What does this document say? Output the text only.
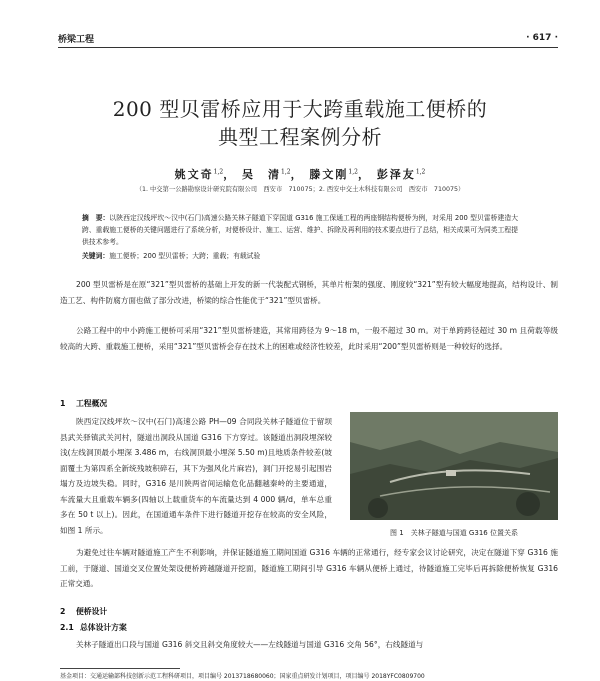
桥梁工程	· 617 ·
200 型贝雷桥应用于大跨重载施工便桥的
典型工程案例分析
姚文奇$^{1,2}$， 吴　清$^{1,2}$， 滕文刚$^{1,2}$， 彭泽友$^{1,2}$
（1. 中交第一公路勘察设计研究院有限公司　西安市　710075；2. 西安中交土木科技有限公司　西安市　710075）
摘　要：以陕西定汉线坪坎～汉中(石门)高速公路关林子隧道下穿国道 G316 施工保通工程的两座钢结构便桥为例，对采用 200 型贝雷桥建造大跨、重载施工便桥的关键问题进行了系统分析，对便桥设计、施工、运营、维护、拆除及再利用的技术要点进行了总结，相关成果可为同类工程提供技术参考。
关键词：施工便桥；200 型贝雷桥；大跨；重载；有载试验
200 型贝雷桥是在原“321”型贝雷桥的基础上开发的新一代装配式钢桥，其单片桁架的强度、刚度较“321”型有较大幅度地提高，结构设计、制造工艺、构件防腐方面也做了部分改进，桥梁的综合性能优于“321”型贝雷桥。
公路工程中的中小跨施工便桥可采用“321”型贝雷桥建造，其常用跨径为 9～18 m，一般不超过 30 m。对于单跨跨径超过 30 m 且荷载等级较高的大跨、重载施工便桥，采用“321”型贝雷桥会存在技术上的困难或经济性较差，此时采用“200”型贝雷桥则是一种较好的选择。
1 工程概况
陕西定汉线坪坎～汉中(石门)高速公路 PH—09 合同段关林子隧道位于留坝县武关驿镇武关河村，隧道出洞段从国道 G316 下方穿过。该隧道出洞段埋深较浅(左线洞顶最小埋深 3.486 m，右线洞顶最小埋深 5.50 m)且地质条件较差(坡面覆土为第四系全新统残坡积碎石，其下为强风化片麻岩)，洞门开挖易引起围岩塌方及边坡失稳。同时，G316 是川陕两省间运输危化品翻越秦岭的主要通道，车流量大且重载车辆多(四轴以上载重货车的车流量达到 4 000 辆/d，单车总重多在 50 t 以上)。因此，在国道通车条件下进行隧道开挖存在较高的安全风险，如图 1 所示。	图 1　关林子隧道与国道 G316 位置关系
为避免过往车辆对隧道施工产生不利影响，并保证隧道施工期间国道 G316 车辆的正常通行，经专家会议讨论研究，决定在隧道下穿 G316 施工前，于隧道、国道交叉位置处架设便桥跨越隧道开挖面，隧道施工期间引导 G316 车辆从便桥上通过，待隧道施工完毕后再拆除便桥恢复 G316 正常交通。
2 便桥设计
2.1 总体设计方案
关林子隧道出口段与国道 G316 斜交且斜交角度较大——左线隧道与国道 G316 交角 56°，右线隧道与
基金项目：交通运输部科技创新示范工程科研项目，项目编号 2013718680060；国家重点研发计划项目，项目编号 2018YFC0809700
